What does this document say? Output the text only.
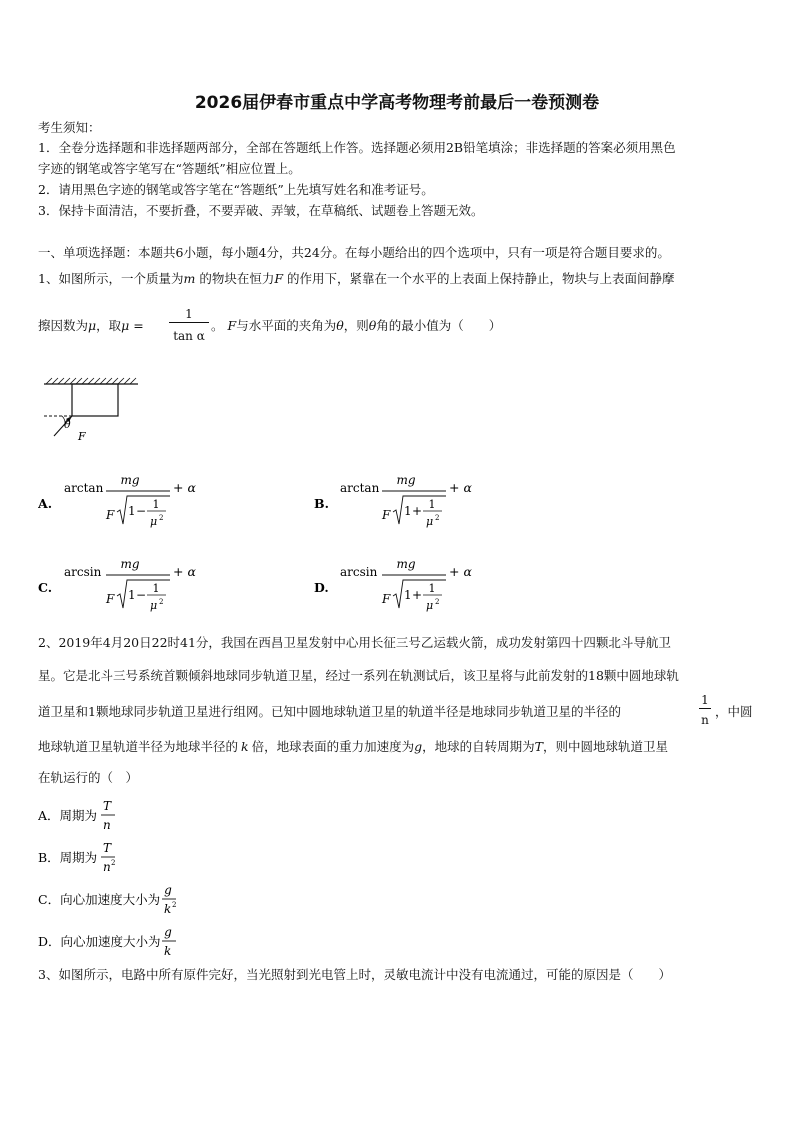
2026届伊春市重点中学高考物理考前最后一卷预测卷
考生须知：
1．全卷分选择题和非选择题两部分，全部在答题纸上作答。选择题必须用2B铅笔填涂；非选择题的答案必须用黑色
字迹的钢笔或答字笔写在“答题纸”相应位置上。
2．请用黑色字迹的钢笔或答字笔在“答题纸”上先填写姓名和准考证号。
3．保持卡面清洁，不要折叠，不要弄破、弄皱，在草稿纸、试题卷上答题无效。
一、单项选择题：本题共6小题，每小题4分，共24分。在每小题给出的四个选项中，只有一项是符合题目要求的。
1、如图所示，一个质量为m 的物块在恒力F 的作用下，紧靠在一个水平的上表面上保持静止，物块与上表面间静摩
擦因数为μ，取μ =
1
tan α
。 F与水平面的夹角为θ，则θ角的最小值为（　　）
θ
F
A.
arctan
mg
F 1 − 1
μ 2
+ α
B.
arctan
mg
F 1 + 1
μ 2
+ α
C.
arcsin
mg
F 1 − 1
μ 2
+ α
D.
arcsin
mg
F 1 + 1
μ 2
+ α
2、2019年4月20日22时41分，我国在西昌卫星发射中心用长征三号乙运载火箭，成功发射第四十四颗北斗导航卫
星。它是北斗三号系统首颗倾斜地球同步轨道卫星，经过一系列在轨测试后，该卫星将与此前发射的18颗中圆地球轨
道卫星和1颗地球同步轨道卫星进行组网。已知中圆地球轨道卫星的轨道半径是地球同步轨道卫星的半径的
1
n
，中圆
地球轨道卫星轨道半径为地球半径的 k 倍，地球表面的重力加速度为g，地球的自转周期为T，则中圆地球轨道卫星
在轨运行的（　）
A．周期为
T
n
B．周期为
T
n 2
C．向心加速度大小为
g
k 2
D．向心加速度大小为
g
k
3、如图所示，电路中所有原件完好，当光照射到光电管上时，灵敏电流计中没有电流通过，可能的原因是（　　）
